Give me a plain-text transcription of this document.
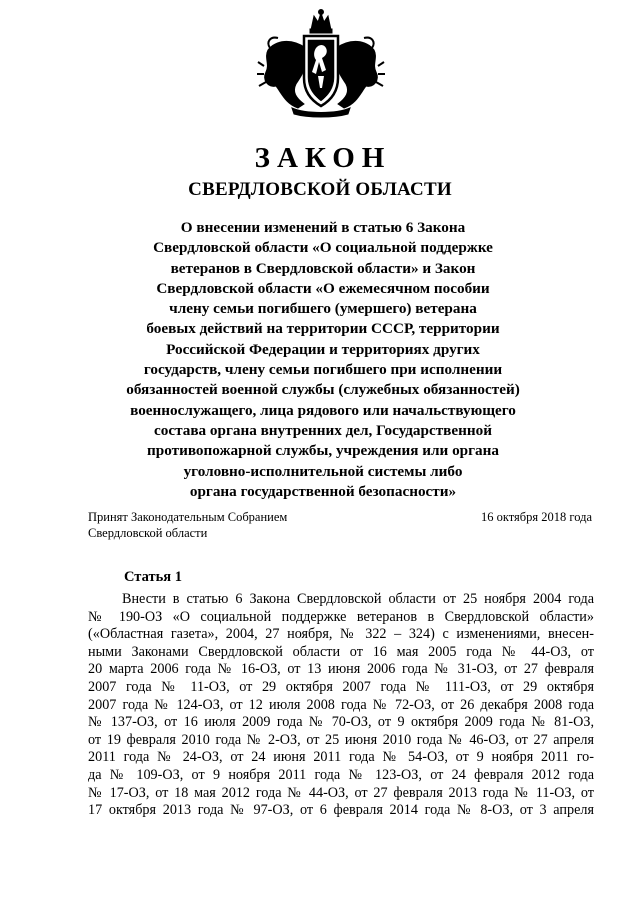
ЗАКОН
СВЕРДЛОВСКОЙ ОБЛАСТИ
О внесении изменений в статью 6 Закона
Свердловской области «О социальной поддержке
ветеранов в Свердловской области» и Закон
Свердловской области «О ежемесячном пособии
члену семьи погибшего (умершего) ветерана
боевых действий на территории СССР, территории
Российской Федерации и территориях других
государств, члену семьи погибшего при исполнении
обязанностей военной службы (служебных обязанностей)
военнослужащего, лица рядового или начальствующего
состава органа внутренних дел, Государственной
противопожарной службы, учреждения или органа
уголовно-исполнительной системы либо
органа государственной безопасности»
Принят Законодательным Собранием
Свердловской области
16 октября 2018 года
Статья 1
Внести в статью 6 Закона Свердловской области от 25 ноября 2004 года
№ 190-ОЗ «О социальной поддержке ветеранов в Свердловской области»
(«Областная газета», 2004, 27 ноября, № 322 – 324) с изменениями, внесен-
ными Законами Свердловской области от 16 мая 2005 года № 44-ОЗ, от
20 марта 2006 года № 16-ОЗ, от 13 июня 2006 года № 31-ОЗ, от 27 февраля
2007 года № 11-ОЗ, от 29 октября 2007 года № 111-ОЗ, от 29 октября
2007 года № 124-ОЗ, от 12 июля 2008 года № 72-ОЗ, от 26 декабря 2008 года
№ 137-ОЗ, от 16 июля 2009 года № 70-ОЗ, от 9 октября 2009 года № 81-ОЗ,
от 19 февраля 2010 года № 2-ОЗ, от 25 июня 2010 года № 46-ОЗ, от 27 апреля
2011 года № 24-ОЗ, от 24 июня 2011 года № 54-ОЗ, от 9 ноября 2011 го-
да № 109-ОЗ, от 9 ноября 2011 года № 123-ОЗ, от 24 февраля 2012 года
№ 17-ОЗ, от 18 мая 2012 года № 44-ОЗ, от 27 февраля 2013 года № 11-ОЗ, от
17 октября 2013 года № 97-ОЗ, от 6 февраля 2014 года № 8-ОЗ, от 3 апреля
